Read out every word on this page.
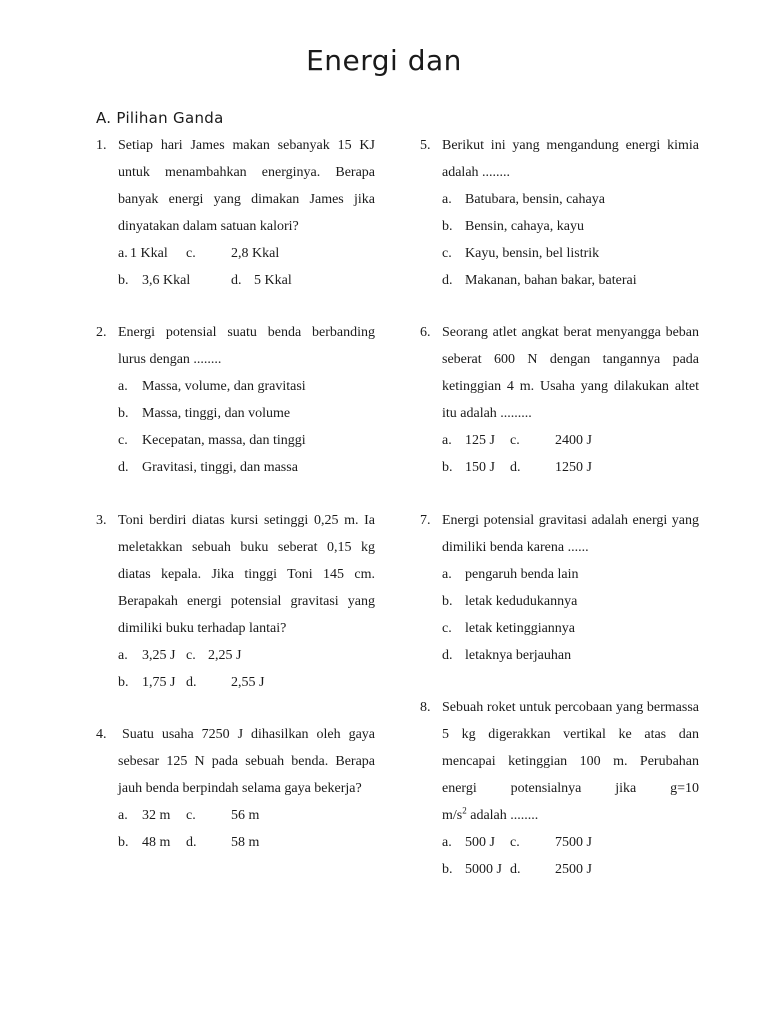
Energi dan
A. Pilihan Ganda
1. Setiap hari James makan sebanyak 15 KJ untuk menambahkan energinya. Berapa banyak energi yang dimakan James jika dinyatakan dalam satuan kalori?
a. 1 Kkal c.	2,8 Kkal
b. 3,6 Kkal	d. 5 Kkal
2. Energi potensial suatu benda berbanding lurus dengan ........
a. Massa, volume, dan gravitasi
b. Massa, tinggi, dan volume
c. Kecepatan, massa, dan tinggi
d. Gravitasi, tinggi, dan massa
3. Toni berdiri diatas kursi setinggi 0,25 m. Ia meletakkan sebuah buku seberat 0,15 kg diatas kepala. Jika tinggi Toni 145 cm. Berapakah energi potensial gravitasi yang dimiliki buku terhadap lantai?
a. 3,25 J c. 2,25 J
b. 1,75 J d. 2,55 J
4. Suatu usaha 7250 J dihasilkan oleh gaya sebesar 125 N pada sebuah benda. Berapa jauh benda berpindah selama gaya bekerja?
a. 32 m c.	56 m
b. 48 m d. 58 m
5. Berikut ini yang mengandung energi kimia adalah ........
a. Batubara, bensin, cahaya
b. Bensin, cahaya, kayu
c. Kayu, bensin, bel listrik
d. Makanan, bahan bakar, baterai
6. Seorang atlet angkat berat menyangga beban seberat 600 N dengan tangannya pada ketinggian 4 m. Usaha yang dilakukan altet itu adalah .........
a. 125 J c.	2400 J
b. 150 J d. 1250 J
7. Energi potensial gravitasi adalah energi yang dimiliki benda karena ......
a. pengaruh benda lain
b. letak kedudukannya
c. letak ketinggiannya
d. letaknya berjauhan
8. Sebuah roket untuk percobaan yang bermassa 5 kg digerakkan vertikal ke atas dan mencapai ketinggian 100 m. Perubahan energi potensialnya jika g=10
$m/s^2$ adalah ........
a. 500 J c.	7500 J
b. 5000 J d. 2500 J
